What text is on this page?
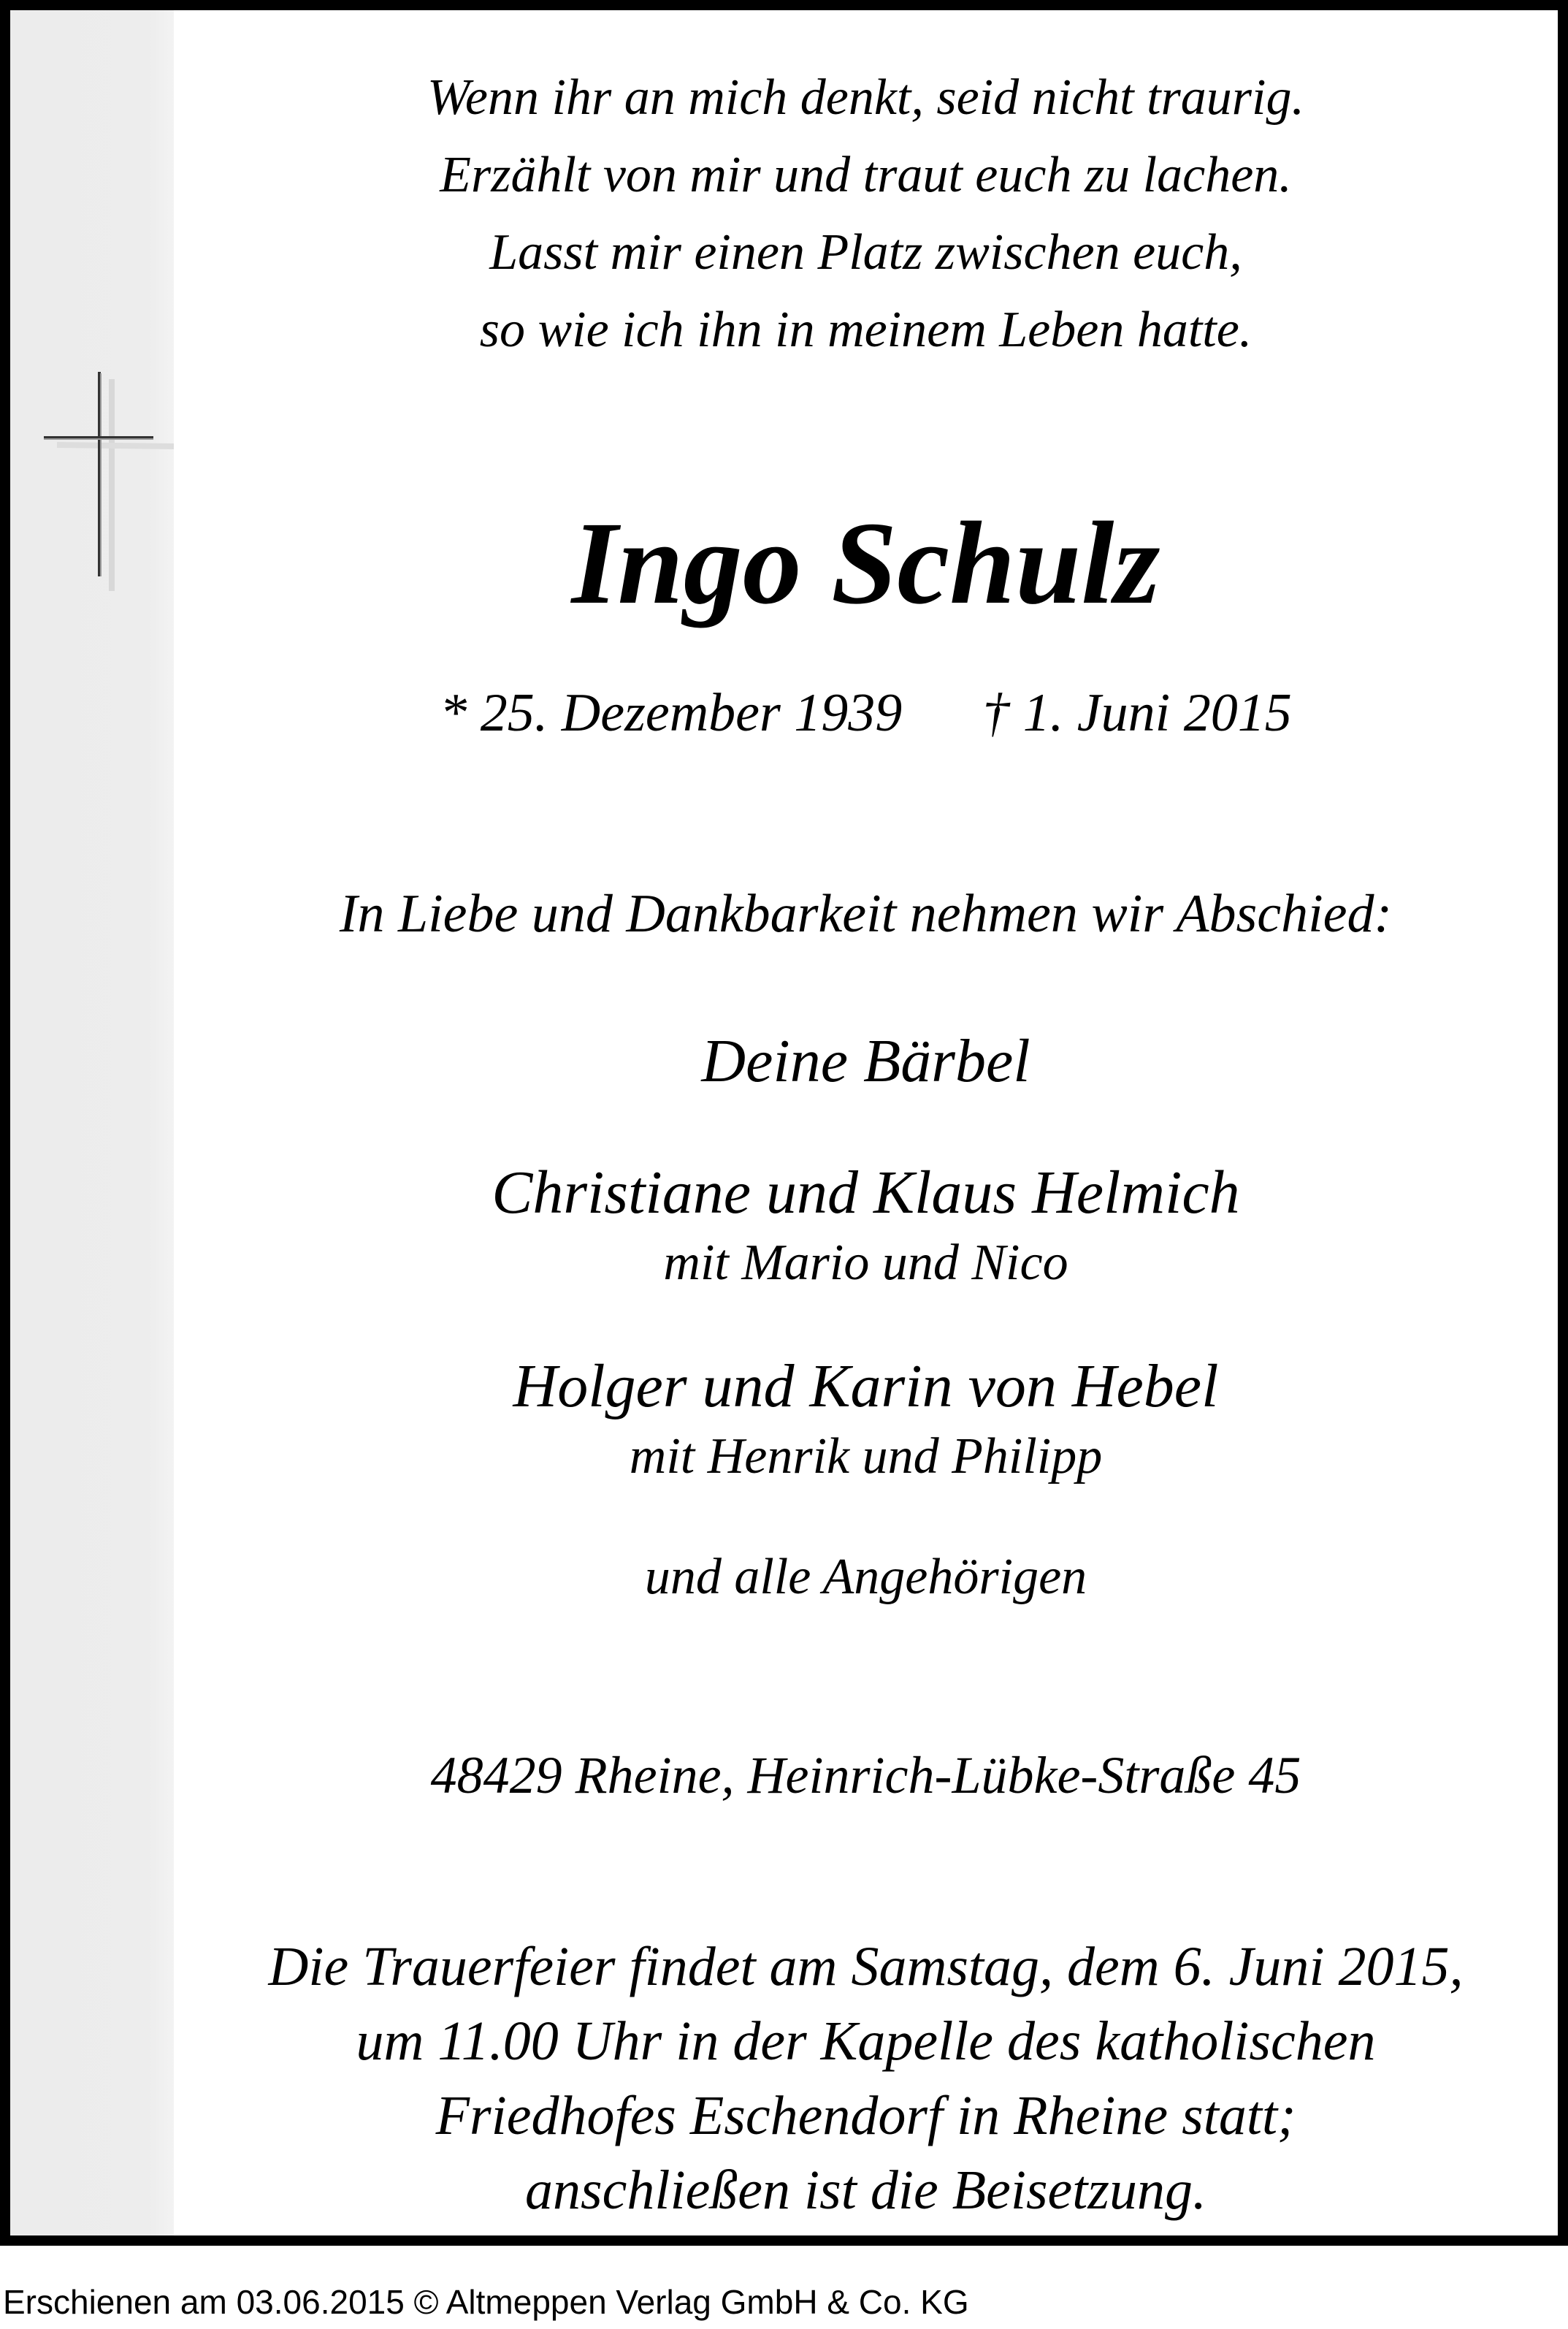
Wenn ihr an mich denkt, seid nicht traurig.
Erzählt von mir und traut euch zu lachen.
Lasst mir einen Platz zwischen euch,
so wie ich ihn in meinem Leben hatte.
Ingo Schulz
* 25. Dezember 1939 † 1. Juni 2015
In Liebe und Dankbarkeit nehmen wir Abschied:
Deine Bärbel
Christiane und Klaus Helmich
mit Mario und Nico
Holger und Karin von Hebel
mit Henrik und Philipp
und alle Angehörigen
48429 Rheine, Heinrich-Lübke-Straße 45
Die Trauerfeier findet am Samstag, dem 6. Juni 2015,
um 11.00 Uhr in der Kapelle des katholischen
Friedhofes Eschendorf in Rheine statt;
anschließen ist die Beisetzung.
Erschienen am 03.06.2015 © Altmeppen Verlag GmbH & Co. KG
